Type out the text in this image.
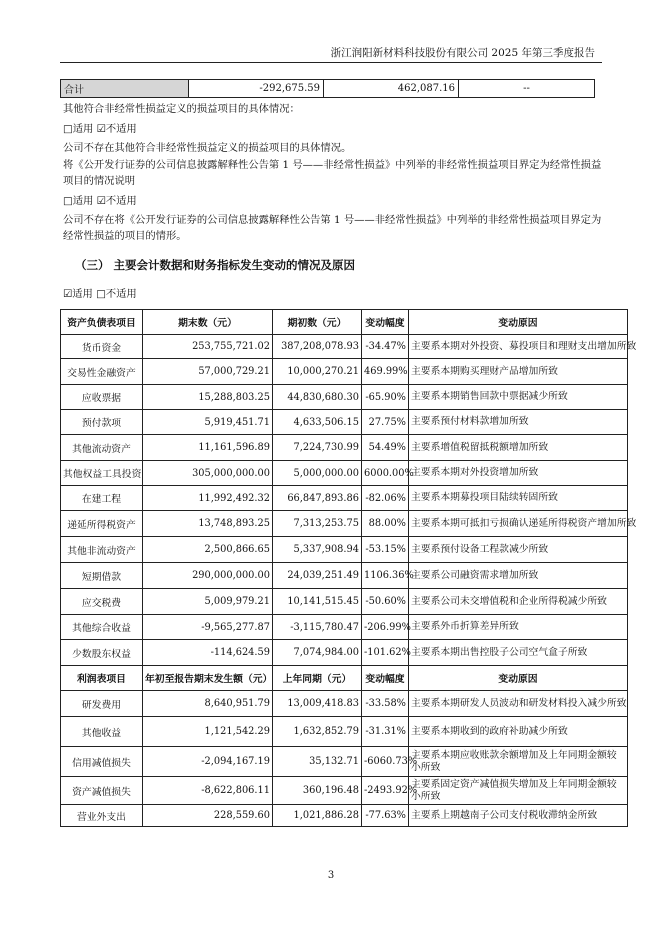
浙江润阳新材料科技股份有限公司 2025 年第三季度报告
合计	-292,675.59	462,087.16	--
其他符合非经常性损益定义的损益项目的具体情况：
□适用 ☑不适用
公司不存在其他符合非经常性损益定义的损益项目的具体情况。
将《公开发行证券的公司信息披露解释性公告第 1 号——非经常性损益》中列举的非经常性损益项目界定为经常性损益
项目的情况说明
□适用 ☑不适用
公司不存在将《公开发行证券的公司信息披露解释性公告第 1 号——非经常性损益》中列举的非经常性损益项目界定为
经常性损益的项目的情形。
（三） 主要会计数据和财务指标发生变动的情况及原因
☑适用 □不适用
资产负债表项目	期末数（元）	期初数（元）	变动幅度	变动原因
货币资金	253,755,721.02	387,208,078.93	-34.47%	主要系本期对外投资、募投项目和理财支出增加所致
交易性金融资产	57,000,729.21	10,000,270.21	469.99%	主要系本期购买理财产品增加所致
应收票据	15,288,803.25	44,830,680.30	-65.90%	主要系本期销售回款中票据减少所致
预付款项	5,919,451.71	4,633,506.15	27.75%	主要系预付材料款增加所致
其他流动资产	11,161,596.89	7,224,730.99	54.49%	主要系增值税留抵税额增加所致
其他权益工具投资	305,000,000.00	5,000,000.00	6000.00%	主要系本期对外投资增加所致
在建工程	11,992,492.32	66,847,893.86	-82.06%	主要系本期募投项目陆续转固所致
递延所得税资产	13,748,893.25	7,313,253.75	88.00%	主要系本期可抵扣亏损确认递延所得税资产增加所致
其他非流动资产	2,500,866.65	5,337,908.94	-53.15%	主要系预付设备工程款减少所致
短期借款	290,000,000.00	24,039,251.49	1106.36%	主要系公司融资需求增加所致
应交税费	5,009,979.21	10,141,515.45	-50.60%	主要系公司未交增值税和企业所得税减少所致
其他综合收益	-9,565,277.87	-3,115,780.47	-206.99%	主要系外币折算差异所致
少数股东权益	-114,624.59	7,074,984.00	-101.62%	主要系本期出售控股子公司空气盒子所致
利润表项目	年初至报告期末发生额（元）	上年同期（元）	变动幅度	变动原因
研发费用	8,640,951.79	13,009,418.83	-33.58%	主要系本期研发人员波动和研发材料投入减少所致
其他收益	1,121,542.29	1,632,852.79	-31.31%	主要系本期收到的政府补助减少所致
信用减值损失	-2,094,167.19	35,132.71	-6060.73%	主要系本期应收账款余额增加及上年同期金额较小所致
资产减值损失	-8,622,806.11	360,196.48	-2493.92%	主要系固定资产减值损失增加及上年同期金额较小所致
营业外支出	228,559.60	1,021,886.28	-77.63%	主要系上期越南子公司支付税收滞纳金所致
3
